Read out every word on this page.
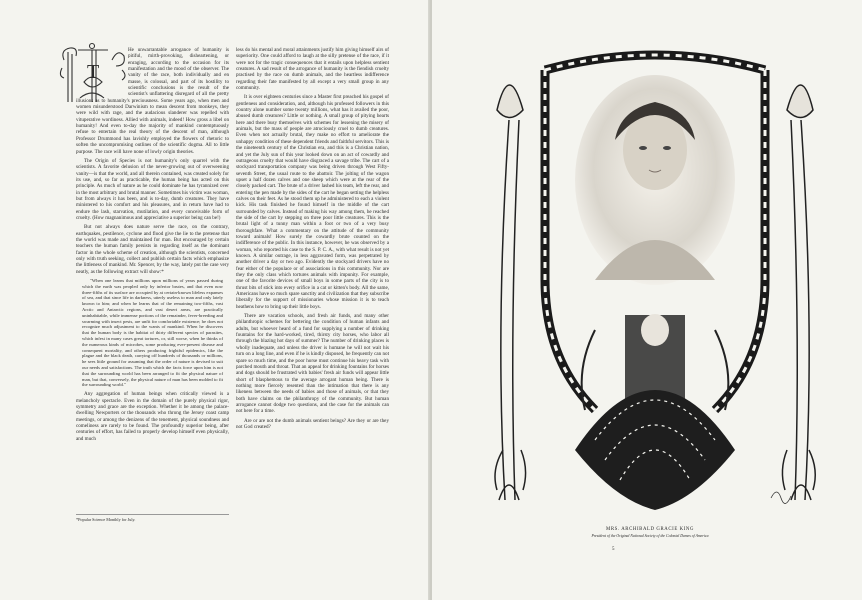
T

He unwarrantable arrogance of humanity is pitiful, mirth-provoking, disheartening, or enraging, according to the occasion for its manifestation and the mood of the observer. The vanity of the race, both individually and en masse, is colossal, and part of its hostility to scientific conclusions is the result of the scientist's unflattering disregard of all the pretty illusions as to humanity's preciousness. Some years ago, when men and women misunderstood Darwinism to mean descent from monkeys, they were wild with rage, and the audacious slanderer was repelled with vituperative wordiness. Allied with animals, indeed! How gross a libel on humanity! And even to-day the majority of mankind contemptuously refuse to entertain the real theory of the descent of man, although Professor Drummond has lavishly employed the flowers of rhetoric to soften the uncompromising outlines of the scientific dogma. All to little purpose. The race will have none of lowly origin theories.

The Origin of Species is not humanity's only quarrel with the scientists. A favorite delusion of the never-growing out of overweening vanity—is that the world, and all therein contained, was created solely for its use, and, so far as practicable, the human being has acted on this principle. As much of nature as he could dominate he has tyrannized over in the most arbitrary and brutal manner. Sometimes his victim was woman, but from always it has been, and is to-day, dumb creatures. They have ministered to his comfort and his pleasures, and in return have had to endure the lash, starvation, mutilation, and every conceivable form of cruelty. (How magnanimous and appreciative a superior being can be!)

But not always does nature serve the race, on the contrary, earthquakes, pestilence, cyclone and flood give the lie to the pretense that the world was made and maintained for man. But encouraged by certain teachers the human family persists in regarding itself as the dominant factor in the whole scheme of creation, although the scientists, concerned only with truth seeking, collect and publish certain facts which emphasize the littleness of mankind. Mr. Spencer, by the way, lately put the case very neatly, as the following extract will show:*

"When one learns that millions upon millions of years passed during which the earth was peopled only by inferior brutes, and that even now three-fifths of its surface are occupied by at certain-known lifeless expanses of sea, and that since life in darkness, utterly useless to man and only lately known to him; and when he learns that of the remaining two-fifths, vast Arctic and Antarctic regions, and vast desert areas, are practically uninhabitable, while immense portions of the remainder, fever-breeding and swarming with insect pests, are unfit for comfortable existence; he does not recognize much adjustment to the wants of mankind. When he discovers that the human body is the habitat of thirty different species of parasites, which infest in many cases great tortures, or, still worse, when he thinks of the numerous kinds of microbes, some producing ever-present disease and consequent mortality, and others producing frightful epidemics, like the plague and the black death, carrying off hundreds of thousands or millions, he sees little ground for assuming that the order of nature is devised to suit our needs and satisfactions. The truth which the facts force upon him is not that the surrounding world has been arranged to fit the physical nature of man, but that, conversely, the physical nature of man has been molded to fit the surrounding world."

Any aggregation of human beings when critically viewed is a melancholy spectacle. Even in the domain of the purely physical rigor, symmetry and grace are the exception. Whether it be among the palace-dwelling Newporters or the thousands who throng the Jersey coast camp meetings, or among the denizens of the tenement, physical soundness and comeliness are rarely to be found. The profoundly superior being, after centuries of effort, has failed to properly develop himself even physically, and much

*Popular Science Monthly for July.

less do his mental and moral attainments justify him giving himself airs of superiority. One could afford to laugh at the silly pretense of the race, if it were not for the tragic consequences that it entails upon helpless sentient creatures. A sad result of the arrogance of humanity is the fiendish cruelty practised by the race on dumb animals, and the heartless indifference regarding their fate manifested by all except a very small group in any community.

It is over eighteen centuries since a Master first preached his gospel of gentleness and consideration, and, although his professed followers in this country alone number some twenty millions, what has it availed the poor, abused dumb creatures? Little or nothing. A small group of pitying hearts here and there busy themselves with schemes for lessening the misery of animals, but the mass of people are atrociously cruel to dumb creatures. Even when not actually brutal, they make no effort to ameliorate the unhappy condition of these dependent friends and faithful servitors. This is the nineteenth century of the Christian era, and this is a Christian nation, and yet the July sun of this year looked down on an act of cowardly and outrageous cruelty that would have disgraced a savage tribe. The cart of a stockyard transportation company was being driven through West Fifty-seventh Street, the usual route to the abattoir. The jolting of the wagon upset a half dozen calves and one sheep which were at the rear of the closely packed cart. The brute of a driver lashed his team, left the rear, and entering the pen made by the sides of the cart he began setting the helpless calves on their feet. As he stood them up he administered to each a violent kick. His task finished he found himself in the middle of the cart surrounded by calves. Instead of making his way among them, he reached the side of the cart by stepping on three poor little creatures. This is the brutal light of a tunny man within a foot or two of a very busy thoroughfare. What a commentary on the attitude of the community toward animals! How surely the cowardly brute counted on the indifference of the public. In this instance, however, he was observed by a woman, who reported his case to the S. P. C. A., with what result is not yet known. A similar outrage, in less aggravated form, was perpetrated by another driver a day or two ago. Evidently the stockyard drivers have no fear either of the populace or of associations in this community. Nor are they the only class which tortures animals with impunity. For example, one of the favorite devices of small boys in some parts of the city is to thrust bits of stick into every orifice in a cat or kitten's body. All the same, Americans have so much spare sanctity and civilization that they subscribe liberally for the support of missionaries whose mission it is to teach heathens how to bring up their little boys.

There are vacation schools, and fresh air funds, and many other philanthropic schemes for bettering the condition of human infants and adults, but whoever heard of a fund for supplying a number of drinking fountains for the hard-worked, tired, thirsty city horses, who labor all through the blazing hot days of summer? The number of drinking places is wholly inadequate, and unless the driver is humane he will not wait his turn on a long line, and even if he is kindly disposed, he frequently can not spare so much time, and the poor horse must continue his heavy task with parched mouth and throat. That an appeal for drinking fountains for horses and dogs should be frustrated with babies' fresh air funds will appear little short of blasphemous to the average arrogant human being. There is nothing more fiercely resented than the intimation that there is any likeness between the needs of babies and those of animals, or that they both have claims on the philanthropy of the community. But human arrogance cannot dodge two questions, and the case for the animals can not here for a time.

Are or are not the dumb animals sentient beings? Are they or are they not God created?

MRS. ARCHIBALD GRACIE KING
President of the Original National Society of the Colonial Dames of America
5
